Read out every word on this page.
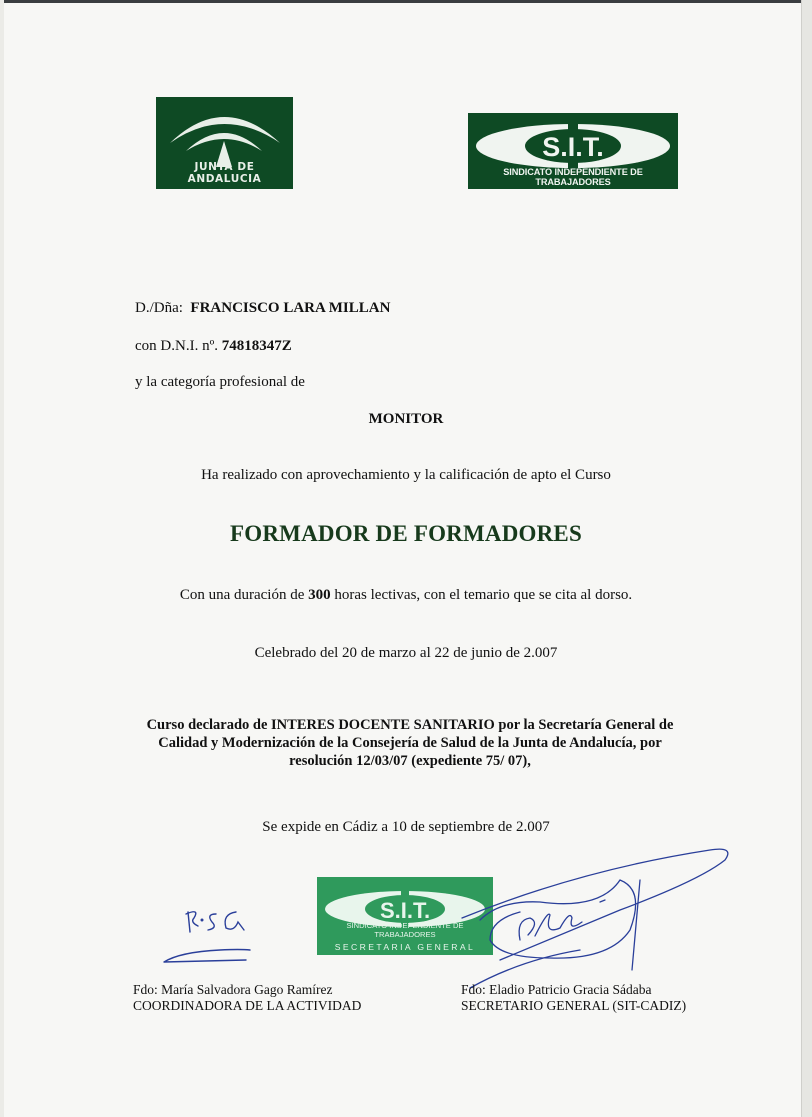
JUNTA DE ANDALUCIA
S.I.T.
SINDICATO INDEPENDIENTE DE TRABAJADORES
D./Dña: FRANCISCO LARA MILLAN
con D.N.I. nº. 74818347Z
y la categoría profesional de
MONITOR
Ha realizado con aprovechamiento y la calificación de apto el Curso
FORMADOR DE FORMADORES
Con una duración de 300 horas lectivas, con el temario que se cita al dorso.
Celebrado del 20 de marzo al 22 de junio de 2.007
Curso declarado de INTERES DOCENTE SANITARIO por la Secretaría General de
Calidad y Modernización de la Consejería de Salud de la Junta de Andalucía, por
resolución 12/03/07 (expediente 75/ 07),
Se expide en Cádiz a 10 de septiembre de 2.007
S.I.T.
SINDICATO INDEPENDIENTE DE TRABAJADORES
SECRETARIA GENERAL
Fdo: María Salvadora Gago Ramírez
COORDINADORA DE LA ACTIVIDAD
Fdo: Eladio Patricio Gracia Sádaba
SECRETARIO GENERAL (SIT-CADIZ)
